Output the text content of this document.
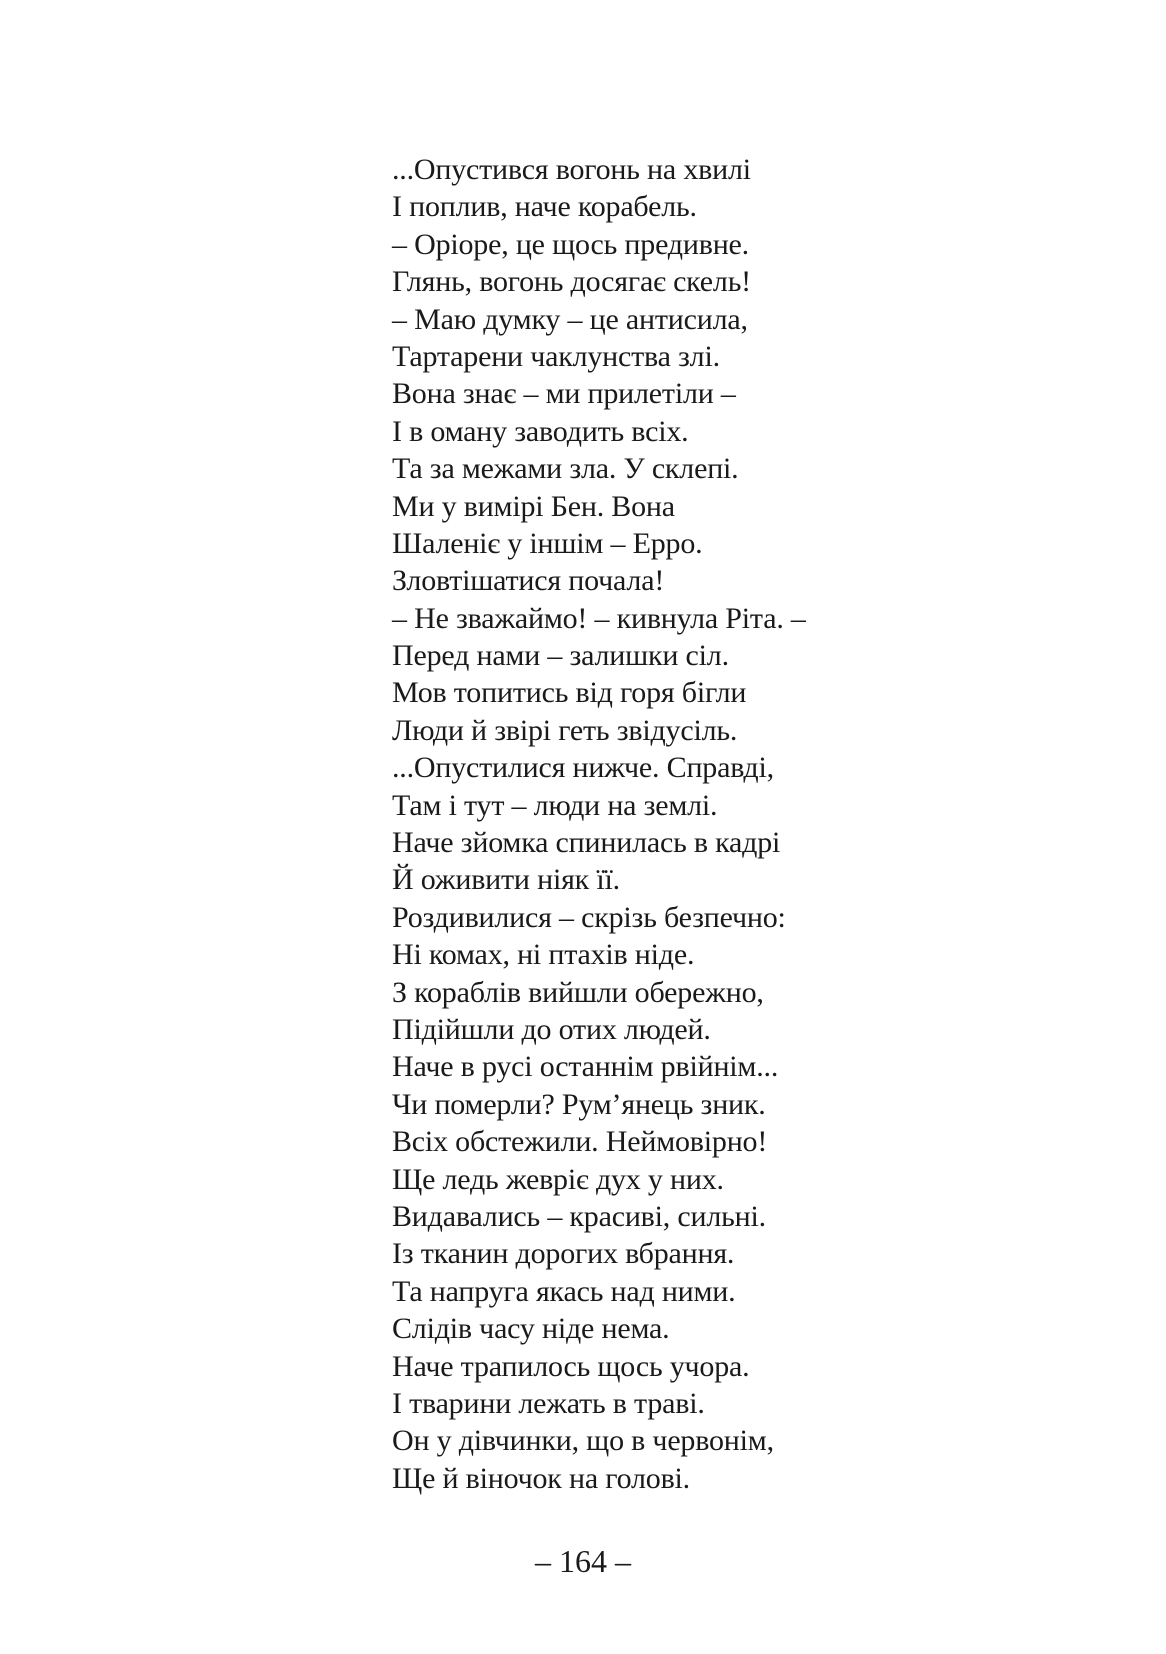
...Опустився вогонь на хвилі
І поплив, наче корабель.
– Оріоре, це щось предивне.
Глянь, вогонь досягає скель!
– Маю думку – це антисила,
Тартарени чаклунства злі.
Вона знає – ми прилетіли –
І в оману заводить всіх.
Та за межами зла. У склепі.
Ми у вимірі Бен. Вона
Шаленіє у іншім – Ерро.
Зловтішатися почала!
– Не зважаймо! – кивнула Ріта. –
Перед нами – залишки сіл.
Мов топитись від горя бігли
Люди й звірі геть звідусіль.
...Опустилися нижче. Справді,
Там і тут – люди на землі.
Наче зйомка спинилась в кадрі
Й оживити ніяк її.
Роздивилися – скрізь безпечно:
Ні комах, ні птахів ніде.
З кораблів вийшли обережно,
Підійшли до отих людей.
Наче в русі останнім рвійнім...
Чи померли? Рум’янець зник.
Всіх обстежили. Неймовірно!
Ще ледь жевріє дух у них.
Видавались – красиві, сильні.
Із тканин дорогих вбрання.
Та напруга якась над ними.
Слідів часу ніде нема.
Наче трапилось щось учора.
І тварини лежать в траві.
Он у дівчинки, що в червонім,
Ще й віночок на голові.
– 164 –
